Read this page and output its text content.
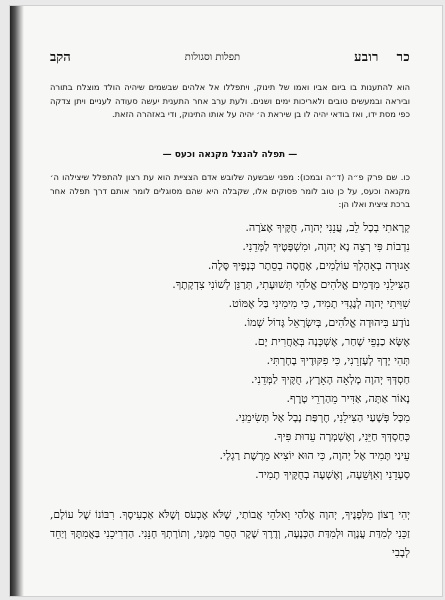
כר
רובע
תפלות וסגולות
הקב
הוא להתענות בו ביום אביו ואמו של תינוק, ויתפללו אל אלהים שבשמים שיהיה הולד מוצלח בתורה וביראה ובמעשים טובים ולאריכות ימים ושנים. ולעת ערב אחר התענית יעשה סעודה לעניים ויתן צדקה כפי מסת ידו, ואז בודאי יהיה לו בן שיראת ה׳ יהיה על אותו התינוק, ודי באזהרה הזאת.
— תפלה להנצל מקנאה וכעס —
כו. שם פרק פ״ה (ד״ה ובמכו): מפני שבשעה שלובש אדם הצציית הוא עת רצון להתפלל שיצילהו ה׳ מקנאה וכעס, על כן טוב לומר פסוקים אלו, שקבלה היא שהם מסוגלים לומר אותם דרך תפלה אחר ברכת ציצית ואלו הן:
קְרָאתִי בְכָל לֵב, עֲנֵנִי יְהוָה, חֻקֶּיךָ אֶצֹּרָה.
נִדְבוֹת פִּי רְצֵה נָא יְהוָה, וּמִשְׁפָּטֶיךָ לַמְּדֵנִי.
אָגוּרָה בְאָהָלְךָ עוֹלָמִים, אֶחֱסֶה בְסֵתֶר כְּנָפֶיךָ סֶּלָה.
הַצִּילֵנִי מִדָּמִים אֱלֹהִים אֱלֹהֵי תְּשׁוּעָתִי, תְּרַנֵּן לְשׁוֹנִי צִדְקָתֶךָ.
שִׁוִּיתִי יְהוָה לְנֶגְדִּי תָמִיד, כִּי מִימִינִי בַּל אֶמּוֹט.
נוֹדָע בִּיהוּדָה אֱלֹהִים, בְּיִשְׂרָאֵל גָּדוֹל שְׁמוֹ.
אֶשָּׂא כַנְפֵי שָׁחַר, אֶשְׁכְּנָה בְּאַחֲרִית יָם.
תְּהִי יָדְךָ לְעָזְרֵנִי, כִּי פִקּוּדֶיךָ בָחָרְתִּי.
חַסְדְּךָ יְהוָה מָלְאָה הָאָרֶץ, חֻקֶּיךָ לַמְּדֵנִי.
נָאוֹר אַתָּה, אַדִּיר מֵהַרְרֵי טָרֶף.
מִכָּל פְּשָׁעַי הַצִּילֵנִי, חֶרְפַּת נָבָל אַל תְּשִׂימֵנִי.
כְּחַסְדְּךָ חַיֵּנִי, וְאֶשְׁמְרָה עֵדוּת פִּיךָ.
עֵינַי תָּמִיד אֶל יְהוָה, כִּי הוּא יוֹצִיא מֵרֶשֶׁת רַגְלָי.
סְעָדֵנִי וְאִוָּשֵׁעָה, וְאֶשְׁעָה בְחֻקֶּיךָ תָמִיד.
יְהִי רָצוֹן מִלְּפָנֶיךָ, יְהוָה אֱלֹהַי וֵאלֹהֵי אֲבוֹתַי, שֶׁלֹּא אֶכְעֹס וְשֶׁלֹּא אַכְעִיסֶךָ. רִבּוֹנוֹ שֶׁל עוֹלָם, זַכֵּנִי לְמִדַּת עֲנָוָה וּלְמִדַּת הַכְּנָעָה, וְדֶרֶךְ שֶׁקֶר הָסֵר מִמֶּנִּי, וְתוֹרָתְךָ חָנֵּנִי. הַדְרִיכֵנִי בַּאֲמִתֶּךָ וְיַחֵד לְבָבִי
